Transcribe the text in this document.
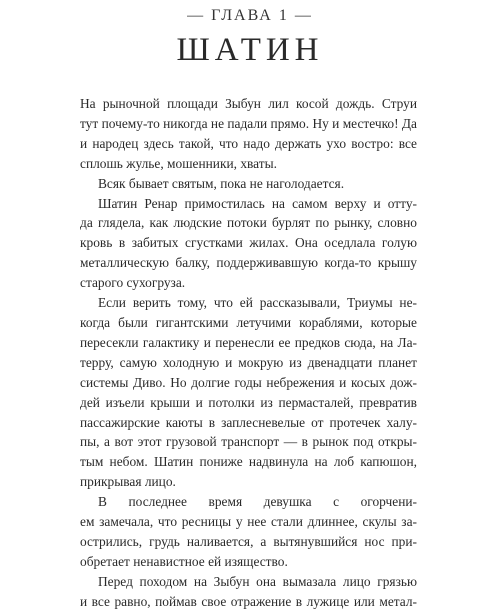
— ГЛАВА 1 —
ШАТИН

На рыночной площади Зыбун лил косой дождь. Струи
тут почему-то никогда не падали прямо. Ну и местечко! Да
и народец здесь такой, что надо держать ухо востро: все
сплошь жулье, мошенники, хваты.

Всяк бывает святым, пока не наголодается.

Шатин Ренар примостилась на самом верху и отту-
да глядела, как людские потоки бурлят по рынку, словно
кровь в забитых сгустками жилах. Она оседлала голую
металлическую балку, поддерживавшую когда-то крышу
старого сухогруза.

Если верить тому, что ей рассказывали, Триумы не-
когда были гигантскими летучими кораблями, которые
пересекли галактику и перенесли ее предков сюда, на Ла-
терру, самую холодную и мокрую из двенадцати планет
системы Диво. Но долгие годы небрежения и косых дож-
дей изъели крыши и потолки из пермасталей, превратив
пассажирские каюты в заплесневелые от протечек халу-
пы, а вот этот грузовой транспорт — в рынок под откры-
тым небом. Шатин пониже надвинула на лоб капюшон,
прикрывая лицо.

В последнее время девушка с огорчени-
ем замечала, что ресницы у нее стали длиннее, скулы за-
острились, грудь наливается, а вытянувшийся нос при-
обретает ненавистное ей изящество.

Перед походом на Зыбун она вымазала лицо грязью
и все равно, поймав свое отражение в лужице или метал-
